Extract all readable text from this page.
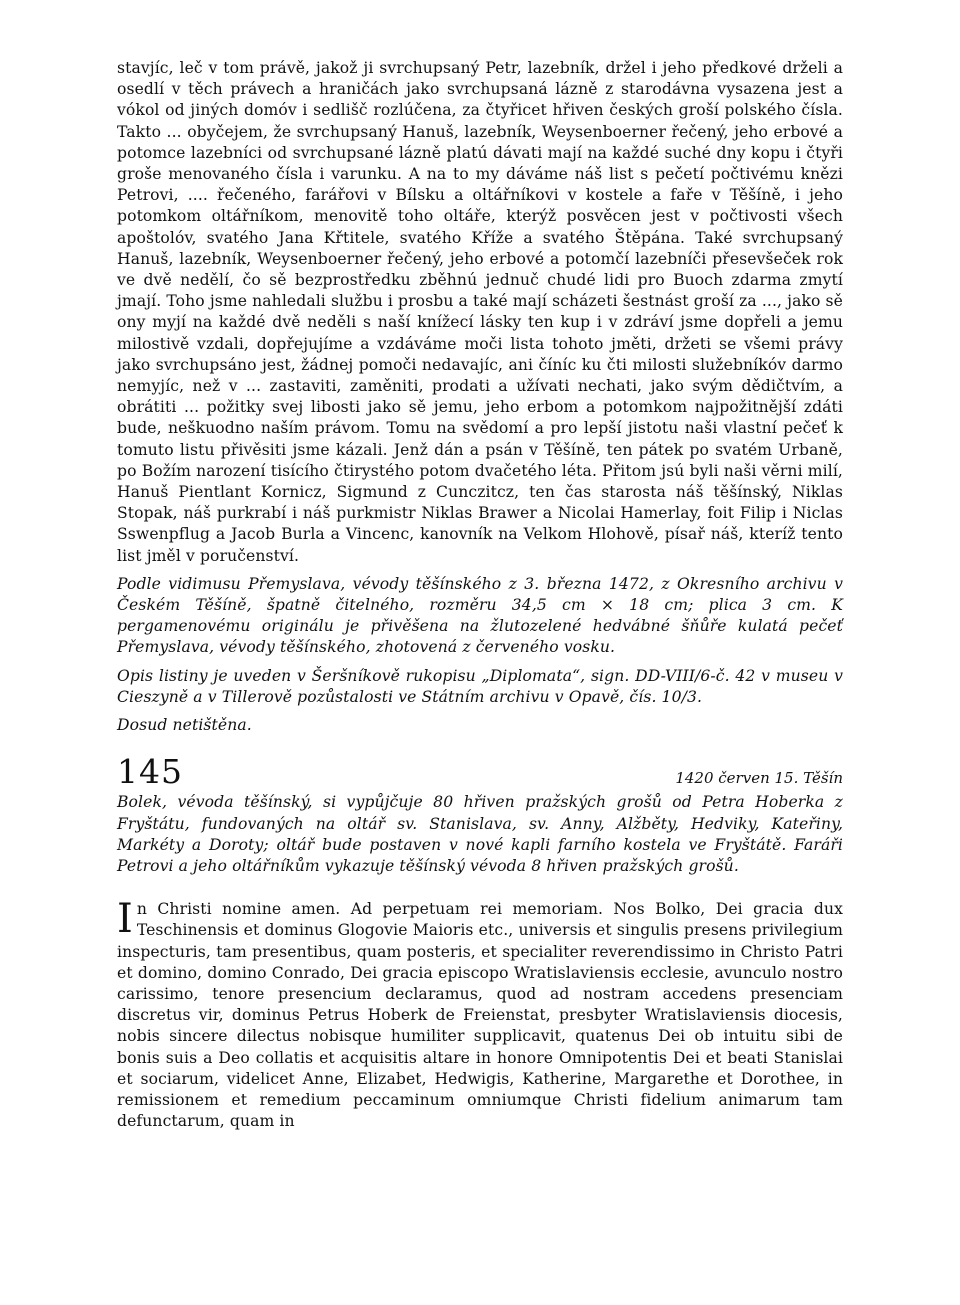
stavjíc, leč v tom právě, jakož ji svrchupsaný Petr, lazebník, držel i jeho předkové drželi a osedlí v těch právech a hraničách jako svrchupsaná lázně z starodávna vysazena jest a vókol od jiných domóv i sedlišč rozlúčena, za čtyřicet hřiven českých groší polského čísla. Takto ... obyčejem, že svrchupsaný Hanuš, lazebník, Weysenboerner řečený, jeho erbové a potomce lazebníci od svrchupsané lázně platú dávati mají na každé suché dny kopu i čtyři groše menovaného čísla i varunku. A na to my dáváme náš list s pečetí počtivému knězi Petrovi, .... řečeného, farářovi v Bílsku a oltářníkovi v kostele a faře v Těšíně, i jeho potomkom oltářníkom, menovitě toho oltáře, kterýž posvěcen jest v počtivosti všech apoštolóv, svatého Jana Křtitele, svatého Kříže a svatého Štěpána. Také svrchupsaný Hanuš, lazebník, Weysenboerner řečený, jeho erbové a potomčí lazebníči přesevšeček rok ve dvě nedělí, čo sě bezprostředku zběhnú jednuč chudé lidi pro Buoch zdarma zmytí jmají. Toho jsme nahledali službu i prosbu a také mají scházeti šestnást groší za ..., jako sě ony myjí na každé dvě neděli s naší knížecí lásky ten kup i v zdráví jsme dopřeli a jemu milostivě vzdali, dopřejujíme a vzdáváme moči lista tohoto jměti, držeti se všemi právy jako svrchupsáno jest, žádnej pomoči nedavajíc, ani číníc ku čti milosti služebníkóv darmo nemyjíc, než v ... zastaviti, zaměniti, prodati a užívati nechati, jako svým dědičtvím, a obrátiti ... požitky svej libosti jako sě jemu, jeho erbom a potomkom najpožitnější zdáti bude, neškuodno naším právom. Tomu na svědomí a pro lepší jistotu naši vlastní pečeť k tomuto listu přivěsiti jsme kázali. Jenž dán a psán v Těšíně, ten pátek po svatém Urbaně, po Božím narození tisícího čtirystého potom dvačetého léta. Přitom jsú byli naši věrni milí, Hanuš Pientlant Kornicz, Sigmund z Cunczitcz, ten čas starosta náš těšínský, Niklas Stopak, náš purkrabí i náš purkmistr Niklas Brawer a Nicolai Hamerlay, foit Filip i Niclas Sswenpflug a Jacob Burla a Vincenc, kanovník na Velkom Hlohově, písař náš, kteríž tento list jměl v poručenství.

Podle vidimusu Přemyslava, vévody těšínského z 3. března 1472, z Okresního archivu v Českém Těšíně, špatně čitelného, rozměru 34,5 cm × 18 cm; plica 3 cm. K pergamenovému originálu je přivěšena na žlutozelené hedvábné šňůře kulatá pečeť Přemyslava, vévody těšínského, zhotovená z červeného vosku.

Opis listiny je uveden v Šeršníkově rukopisu „Diplomata“, sign. DD-VIII/6-č. 42 v museu v Cieszyně a v Tillerově pozůstalosti ve Státním archivu v Opavě, čís. 10/3.

Dosud netištěna.

145	1420 červen 15. Těšín

Bolek, vévoda těšínský, si vypůjčuje 80 hřiven pražských grošů od Petra Hoberka z Fryštátu, fundovaných na oltář sv. Stanislava, sv. Anny, Alžběty, Hedviky, Kateřiny, Markéty a Doroty; oltář bude postaven v nové kapli farního kostela ve Fryštátě. Faráři Petrovi a jeho oltářníkům vykazuje těšínský vévoda 8 hřiven pražských grošů.

I n Christi nomine amen. Ad perpetuam rei memoriam. Nos Bolko, Dei gracia dux Teschinensis et dominus Glogovie Maioris etc., universis et singulis presens privilegium inspecturis, tam presentibus, quam posteris, et specialiter reverendissimo in Christo Patri et domino, domino Conrado, Dei gracia episcopo Wratislaviensis ecclesie, avunculo nostro carissimo, tenore presencium declaramus, quod ad nostram accedens presenciam discretus vir, dominus Petrus Hoberk de Freienstat, presbyter Wratislaviensis diocesis, nobis sincere dilectus nobisque humiliter supplicavit, quatenus Dei ob intuitu sibi de bonis suis a Deo collatis et acquisitis altare in honore Omnipotentis Dei et beati Stanislai et sociarum, videlicet Anne, Elizabet, Hedwigis, Katherine, Margarethe et Dorothee, in remissionem et remedium peccaminum omniumque Christi fidelium animarum tam defunctarum, quam in
